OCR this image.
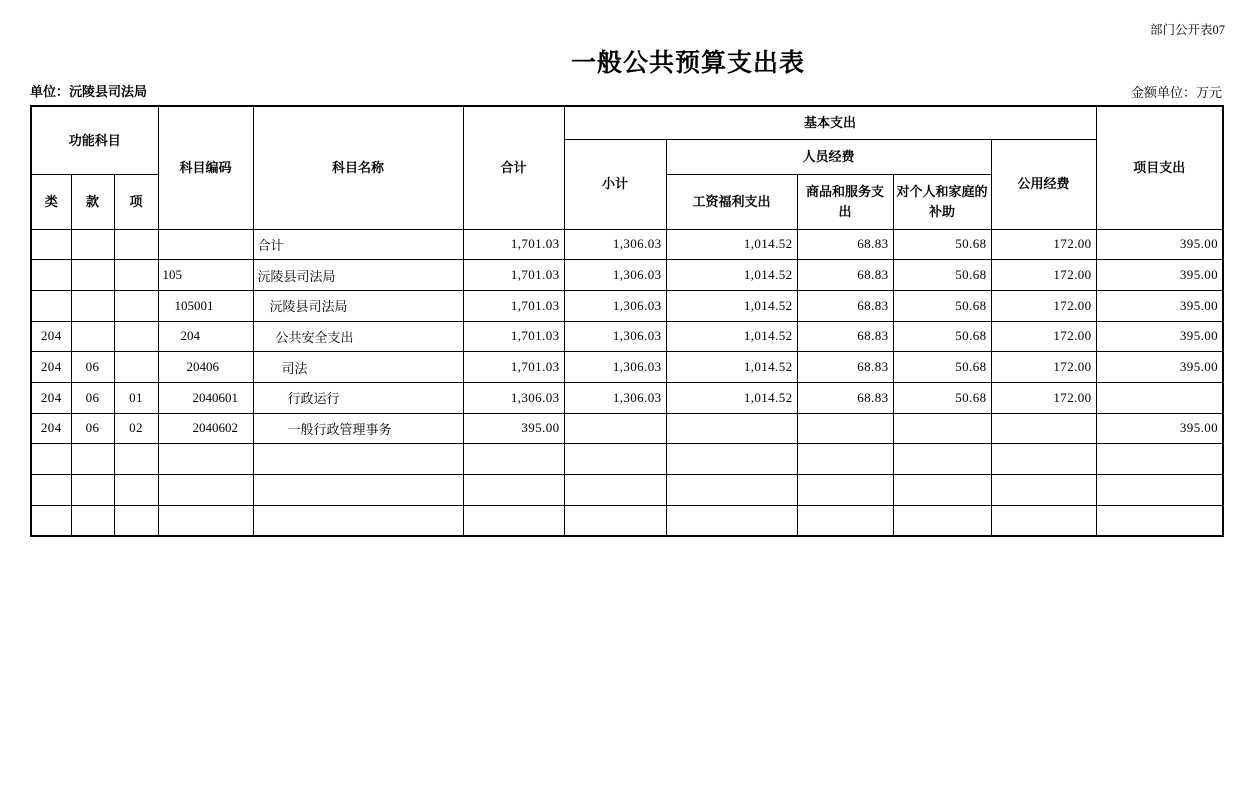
部门公开表07
一般公共预算支出表
单位：沅陵县司法局	金额单位：万元
功能科目			科目编码	科目名称	合计	基本支出					项目支出
						小计	人员经费			公用经费	
类	款	项					工资福利支出	商品和服务支出	对个人和家庭的补助		
				合计	1,701.03	1,306.03	1,014.52	68.83	50.68	172.00	395.00
			105	沅陵县司法局	1,701.03	1,306.03	1,014.52	68.83	50.68	172.00	395.00
			105001	沅陵县司法局	1,701.03	1,306.03	1,014.52	68.83	50.68	172.00	395.00
204			204	公共安全支出	1,701.03	1,306.03	1,014.52	68.83	50.68	172.00	395.00
204	06		20406	司法	1,701.03	1,306.03	1,014.52	68.83	50.68	172.00	395.00
204	06	01	2040601	行政运行	1,306.03	1,306.03	1,014.52	68.83	50.68	172.00	
204	06	02	2040602	一般行政管理事务	395.00						395.00
